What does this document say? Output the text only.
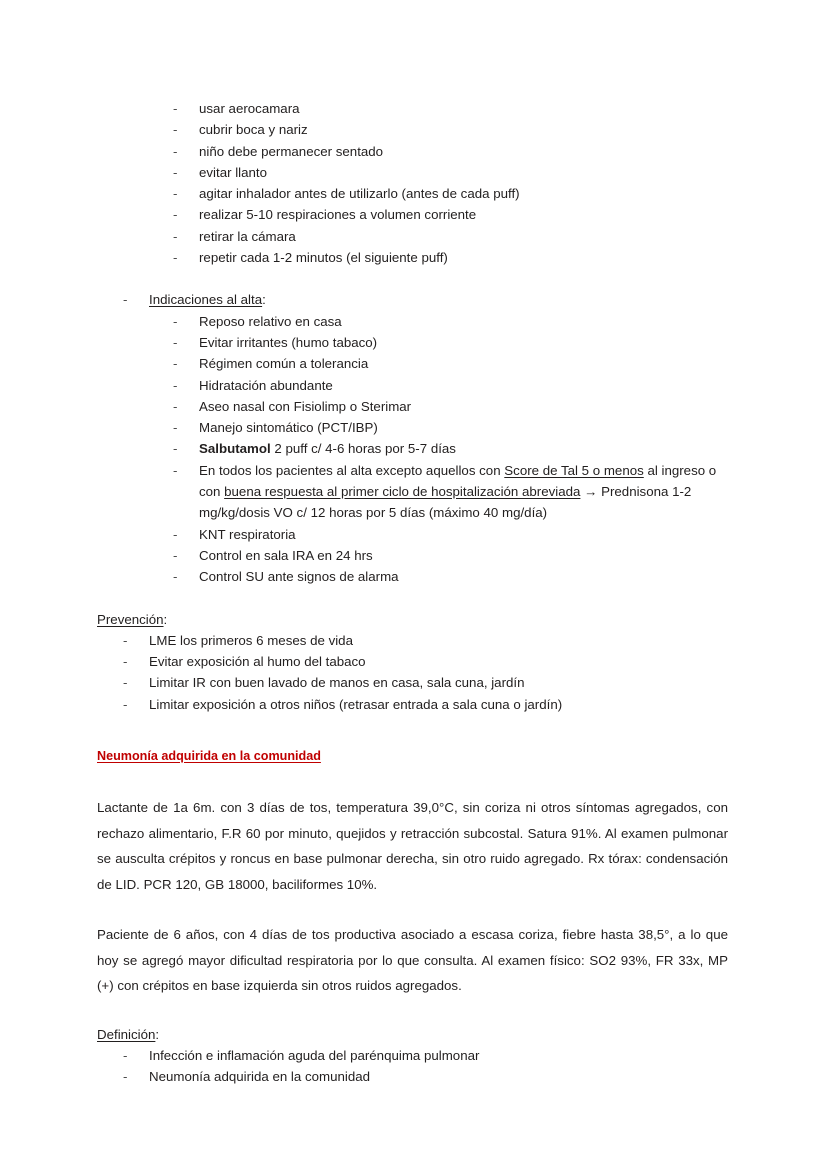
-	usar aerocamara
-	cubrir boca y nariz
-	niño debe permanecer sentado
-	evitar llanto
-	agitar inhalador antes de utilizarlo (antes de cada puff)
-	realizar 5-10 respiraciones a volumen corriente
-	retirar la cámara
-	repetir cada 1-2 minutos (el siguiente puff)
-	Indicaciones al alta:
-	Reposo relativo en casa
-	Evitar irritantes (humo tabaco)
-	Régimen común a tolerancia
-	Hidratación abundante
-	Aseo nasal con Fisiolimp o Sterimar
-	Manejo sintomático (PCT/IBP)
-	Salbutamol 2 puff c/ 4-6 horas por 5-7 días
-	En todos los pacientes al alta excepto aquellos con Score de Tal 5 o menos al ingreso o con buena respuesta al primer ciclo de hospitalización abreviada → Prednisona 1-2 mg/kg/dosis VO c/ 12 horas por 5 días (máximo 40 mg/día)
-	KNT respiratoria
-	Control en sala IRA en 24 hrs
-	Control SU ante signos de alarma
Prevención:
-	LME los primeros 6 meses de vida
-	Evitar exposición al humo del tabaco
-	Limitar IR con buen lavado de manos en casa, sala cuna, jardín
-	Limitar exposición a otros niños (retrasar entrada a sala cuna o jardín)
Neumonía adquirida en la comunidad
Lactante de 1a 6m. con 3 días de tos, temperatura 39,0°C, sin coriza ni otros síntomas agregados, con rechazo alimentario, F.R 60 por minuto, quejidos y retracción subcostal. Satura 91%. Al examen pulmonar se ausculta crépitos y roncus en base pulmonar derecha, sin otro ruido agregado. Rx tórax: condensación de LID. PCR 120, GB 18000, baciliformes 10%.
Paciente de 6 años, con 4 días de tos productiva asociado a escasa coriza, fiebre hasta 38,5°, a lo que hoy se agregó mayor dificultad respiratoria por lo que consulta. Al examen físico: SO2 93%, FR 33x, MP (+) con crépitos en base izquierda sin otros ruidos agregados.
Definición:
-	Infección e inflamación aguda del parénquima pulmonar
-	Neumonía adquirida en la comunidad
